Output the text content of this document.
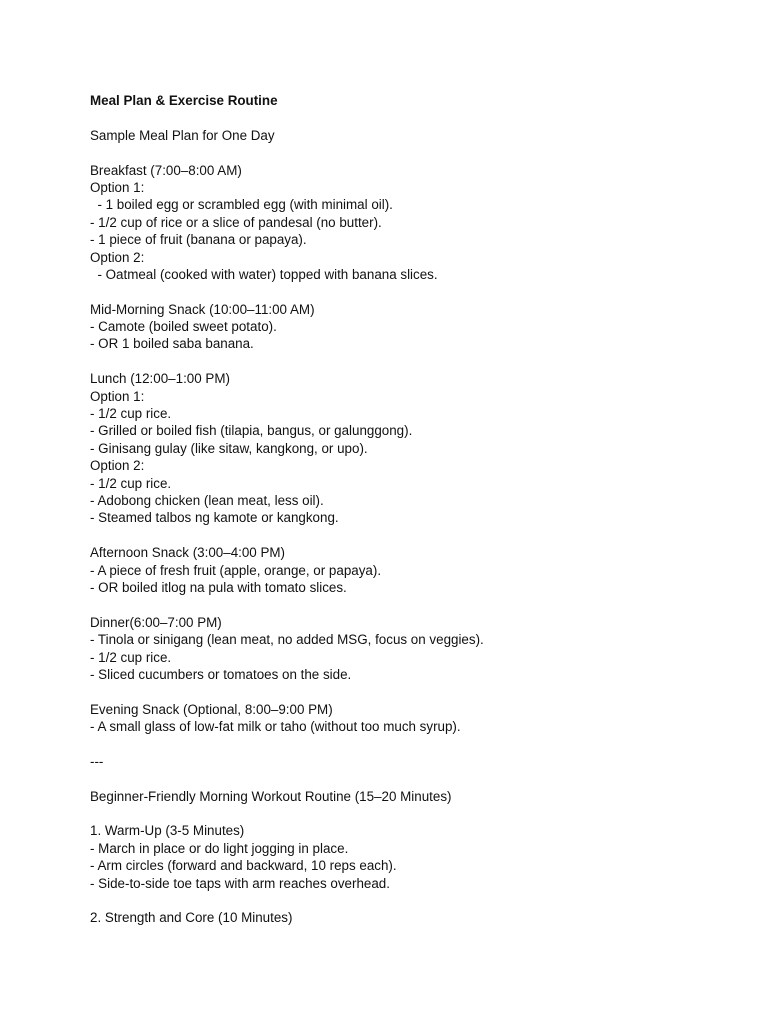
Meal Plan & Exercise Routine
Sample Meal Plan for One Day
Breakfast (7:00–8:00 AM)
Option 1:
- 1 boiled egg or scrambled egg (with minimal oil).
- 1/2 cup of rice or a slice of pandesal (no butter).
- 1 piece of fruit (banana or papaya).
Option 2:
- Oatmeal (cooked with water) topped with banana slices.
Mid-Morning Snack (10:00–11:00 AM)
- Camote (boiled sweet potato).
- OR 1 boiled saba banana.
Lunch (12:00–1:00 PM)
Option 1:
- 1/2 cup rice.
- Grilled or boiled fish (tilapia, bangus, or galunggong).
- Ginisang gulay (like sitaw, kangkong, or upo).
Option 2:
- 1/2 cup rice.
- Adobong chicken (lean meat, less oil).
- Steamed talbos ng kamote or kangkong.
Afternoon Snack (3:00–4:00 PM)
- A piece of fresh fruit (apple, orange, or papaya).
- OR boiled itlog na pula with tomato slices.
Dinner(6:00–7:00 PM)
- Tinola or sinigang (lean meat, no added MSG, focus on veggies).
- 1/2 cup rice.
- Sliced cucumbers or tomatoes on the side.
Evening Snack (Optional, 8:00–9:00 PM)
- A small glass of low-fat milk or taho (without too much syrup).
---
Beginner-Friendly Morning Workout Routine (15–20 Minutes)
1. Warm-Up (3-5 Minutes)
- March in place or do light jogging in place.
- Arm circles (forward and backward, 10 reps each).
- Side-to-side toe taps with arm reaches overhead.
2. Strength and Core (10 Minutes)
